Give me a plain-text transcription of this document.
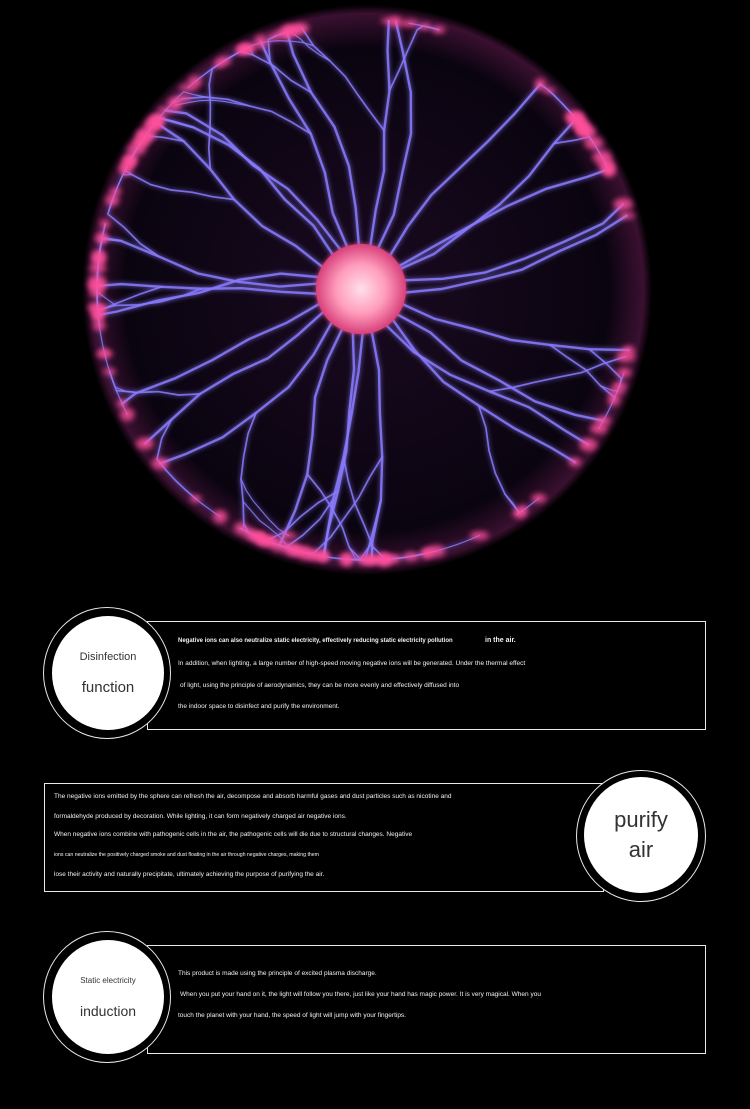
Disinfection
function
Negative ions can also neutralize static electricity, effectively reducing static electricity pollution	in the air.
In addition, when lighting, a large number of high-speed moving negative ions will be generated. Under the thermal effect
of light, using the principle of aerodynamics, they can be more evenly and effectively diffused into
the indoor space to disinfect and purify the environment.
purify
air
The negative ions emitted by the sphere can refresh the air, decompose and absorb harmful gases and dust particles such as nicotine and
formaldehyde produced by decoration. While lighting, it can form negatively charged air negative ions.
When negative ions combine with pathogenic cells in the air, the pathogenic cells will die due to structural changes. Negative
ions can neutralize the positively charged smoke and dust floating in the air through negative charges, making them
lose their activity and naturally precipitate, ultimately achieving the purpose of purifying the air.
Static electricity
induction
This product is made using the principle of excited plasma discharge.
When you put your hand on it, the light will follow you there, just like your hand has magic power. It is very magical. When you
touch the planet with your hand, the speed of light will jump with your fingertips.
